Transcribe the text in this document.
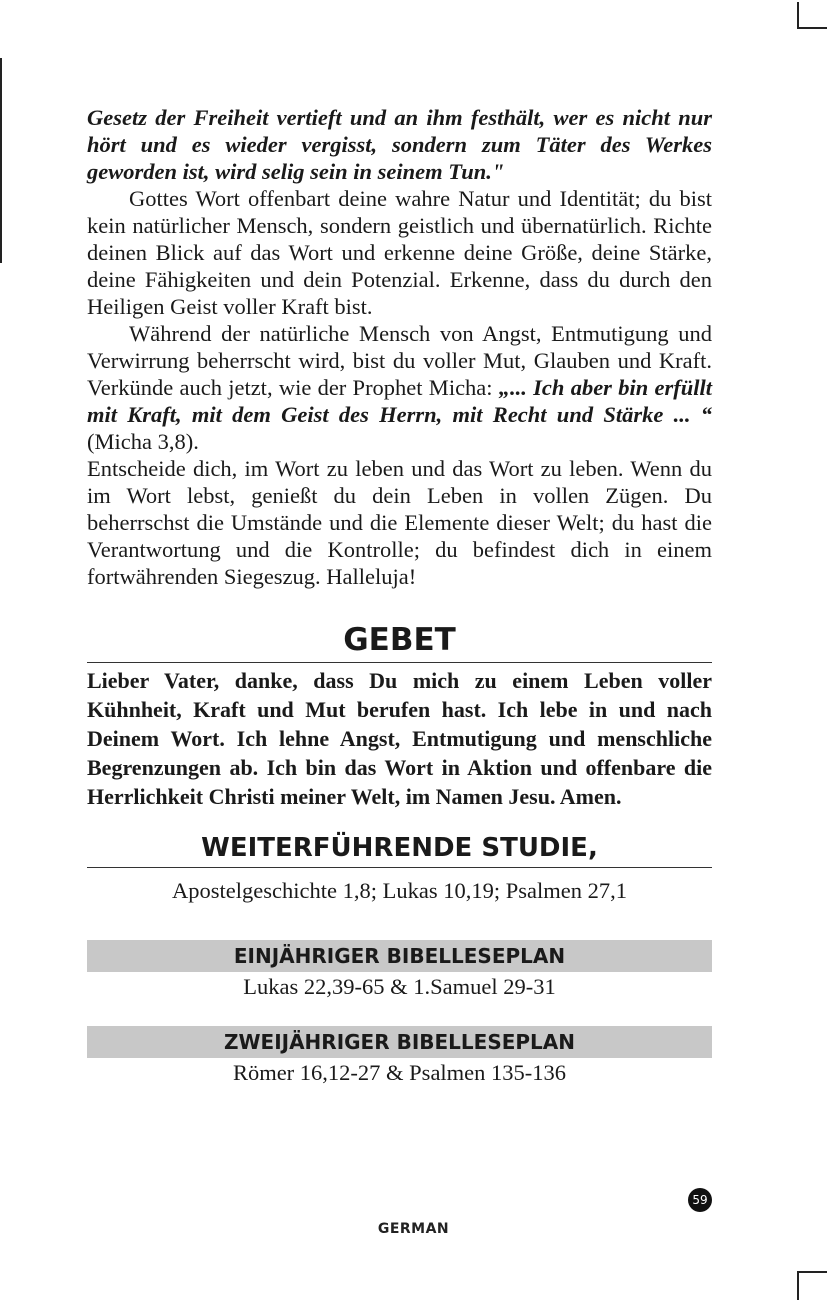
Gesetz der Freiheit vertieft und an ihm festhält, wer es nicht nur hört und es wieder vergisst, sondern zum Täter des Werkes geworden ist, wird selig sein in seinem Tun."

Gottes Wort offenbart deine wahre Natur und Identität; du bist kein natürlicher Mensch, sondern geistlich und übernatürlich. Richte deinen Blick auf das Wort und erkenne deine Größe, deine Stärke, deine Fähigkeiten und dein Potenzial. Erkenne, dass du durch den Heiligen Geist voller Kraft bist.

Während der natürliche Mensch von Angst, Entmutigung und Verwirrung beherrscht wird, bist du voller Mut, Glauben und Kraft. Verkünde auch jetzt, wie der Prophet Micha: „... Ich aber bin erfüllt mit Kraft, mit dem Geist des Herrn, mit Recht und Stärke ... “ (Micha 3,8).

Entscheide dich, im Wort zu leben und das Wort zu leben. Wenn du im Wort lebst, genießt du dein Leben in vollen Zügen. Du beherrschst die Umstände und die Elemente dieser Welt; du hast die Verantwortung und die Kontrolle; du befindest dich in einem fortwährenden Siegeszug. Halleluja!

GEBET

Lieber Vater, danke, dass Du mich zu einem Leben voller Kühnheit, Kraft und Mut berufen hast. Ich lebe in und nach Deinem Wort. Ich lehne Angst, Entmutigung und menschliche Begrenzungen ab. Ich bin das Wort in Aktion und offenbare die Herrlichkeit Christi meiner Welt, im Namen Jesu. Amen.

WEITERFÜHRENDE STUDIE,

Apostelgeschichte 1,8; Lukas 10,19; Psalmen 27,1

EINJÄHRIGER BIBELLESEPLAN
Lukas 22,39-65 & 1.Samuel 29-31
ZWEIJÄHRIGER BIBELLESEPLAN
Römer 16,12-27 & Psalmen 135-136
59
GERMAN
